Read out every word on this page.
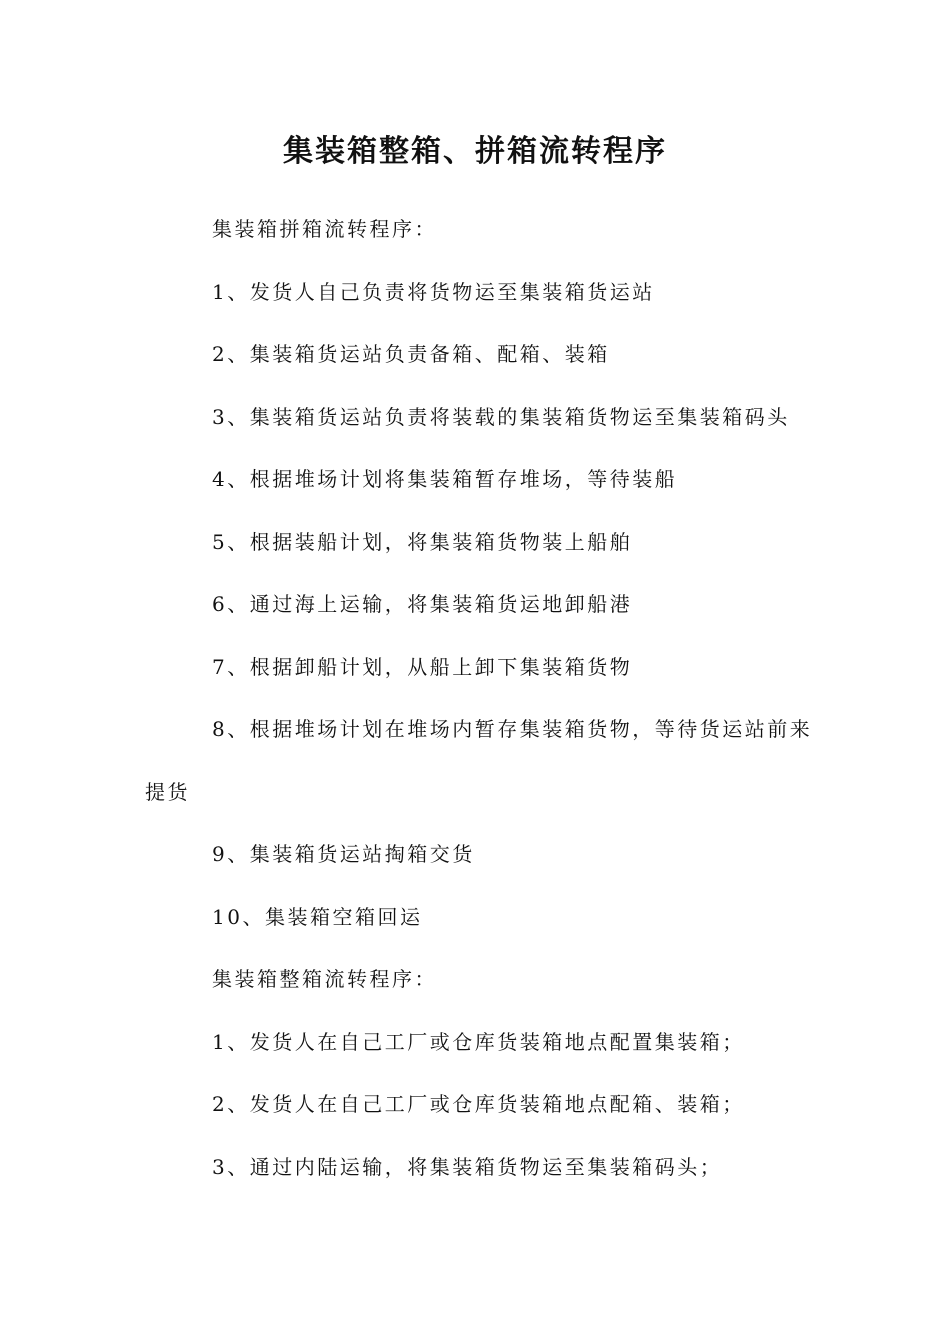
集装箱整箱、拼箱流转程序

集装箱拼箱流转程序：

1、发货人自己负责将货物运至集装箱货运站

2、集装箱货运站负责备箱、配箱、装箱

3、集装箱货运站负责将装载的集装箱货物运至集装箱码头

4、根据堆场计划将集装箱暂存堆场，等待装船

5、根据装船计划，将集装箱货物装上船舶

6、通过海上运输，将集装箱货运地卸船港

7、根据卸船计划，从船上卸下集装箱货物

8、根据堆场计划在堆场内暂存集装箱货物，等待货运站前来

提货

9、集装箱货运站掏箱交货

10、集装箱空箱回运

集装箱整箱流转程序：

1、发货人在自己工厂或仓库货装箱地点配置集装箱；

2、发货人在自己工厂或仓库货装箱地点配箱、装箱；

3、通过内陆运输，将集装箱货物运至集装箱码头；
